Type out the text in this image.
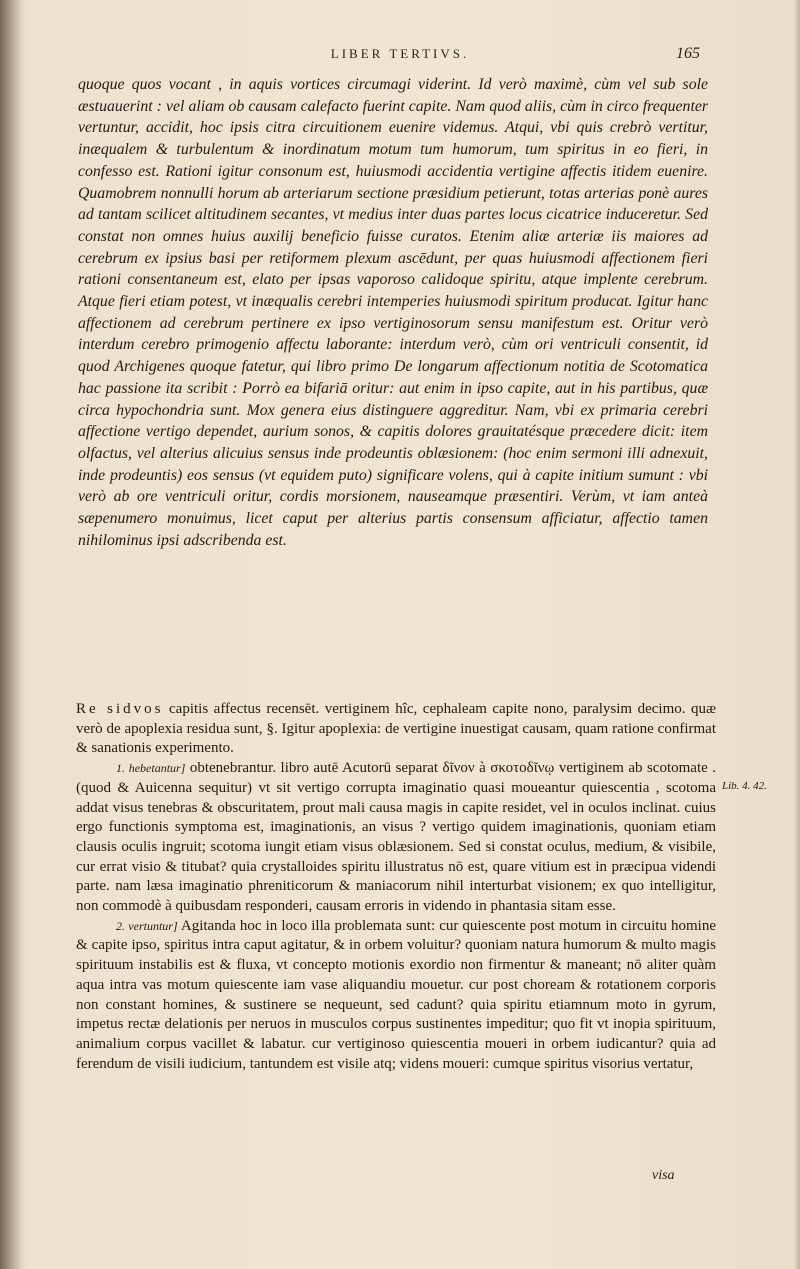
LIBER TERTIVS.	165

quoque quos vocant , in aquis vortices circumagi viderint. Id verò maximè, cùm vel sub sole æstuauerint : vel aliam ob causam calefacto fuerint capite. Nam quod aliis, cùm in circo frequenter vertuntur, accidit, hoc ipsis citra circuitionem euenire videmus. Atqui, vbi quis crebrò vertitur, inæqualem & turbulentum & inordinatum motum tum humorum, tum spiritus in eo fieri, in confesso est. Rationi igitur consonum est, huiusmodi accidentia vertigine affectis itidem euenire. Quamobrem nonnulli horum ab arteriarum sectione præsidium petierunt, totas arterias ponè aures ad tantam scilicet altitudinem secantes, vt medius inter duas partes locus cicatrice induceretur. Sed constat non omnes huius auxilij beneficio fuisse curatos. Etenim aliæ arteriæ iis maiores ad cerebrum ex ipsius basi per retiformem plexum ascēdunt, per quas huiusmodi affectionem fieri rationi consentaneum est, elato per ipsas vaporoso calidoque spiritu, atque implente cerebrum. Atque fieri etiam potest, vt inæqualis cerebri intemperies huiusmodi spiritum producat. Igitur hanc affectionem ad cerebrum pertinere ex ipso vertiginosorum sensu manifestum est. Oritur verò interdum cerebro primogenio affectu laborante: interdum verò, cùm ori ventriculi consentit, id quod Archigenes quoque fatetur, qui libro primo De longarum affectionum notitia de Scotomatica hac passione ita scribit : Porrò ea bifariā oritur: aut enim in ipso capite, aut in his partibus, quæ circa hypochondria sunt. Mox genera eius distinguere aggreditur. Nam, vbi ex primaria cerebri affectione vertigo dependet, aurium sonos, & capitis dolores grauitatésque præcedere dicit: item olfactus, vel alterius alicuius sensus inde prodeuntis oblæsionem: (hoc enim sermoni illi adnexuit, inde prodeuntis) eos sensus (vt equidem puto) significare volens, qui à capite initium sumunt : vbi verò ab ore ventriculi oritur, cordis morsionem, nauseamque præsentiri. Verùm, vt iam anteà sæpenumero monuimus, licet caput per alterius partis consensum afficiatur, affectio tamen nihilominus ipsi adscribenda est.

Re sidvos capitis affectus recensēt. vertiginem hîc, cephaleam capite nono, paralysim decimo. quæ verò de apoplexia residua sunt, §. Igitur apoplexia: de vertigine inuestigat causam, quam ratione confirmat & sanationis experimento.

1. hebetantur] obtenebrantur. libro autē Acutorū separat δῖνον à σκοτοδῖνῳ vertiginem ab scotomate . (quod & Auicenna sequitur) vt sit vertigo corrupta imaginatio quasi moueantur quiescentia , scotoma addat visus tenebras & obscuritatem, prout mali causa magis in capite residet, vel in oculos inclinat. cuius ergo functionis symptoma est, imaginationis, an visus ? vertigo quidem imaginationis, quoniam etiam clausis oculis ingruit; scotoma iungit etiam visus oblæsionem. Sed si constat oculus, medium, & visibile, cur errat visio & titubat? quia crystalloides spiritu illustratus nō est, quare vitium est in præcipua videndi parte. nam læsa imaginatio phreniticorum & maniacorum nihil interturbat visionem; ex quo intelligitur, non commodè à quibusdam responderi, causam erroris in videndo in phantasia sitam esse.

2. vertuntur] Agitanda hoc in loco illa problemata sunt: cur quiescente post motum in circuitu homine & capite ipso, spiritus intra caput agitatur, & in orbem voluitur? quoniam natura humorum & multo magis spirituum instabilis est & fluxa, vt concepto motionis exordio non firmentur & maneant; nō aliter quàm aqua intra vas motum quiescente iam vase aliquandiu mouetur. cur post choream & rotationem corporis non constant homines, & sustinere se nequeunt, sed cadunt? quia spiritu etiamnum moto in gyrum, impetus rectæ delationis per neruos in musculos corpus sustinentes impeditur; quo fit vt inopia spirituum, animalium corpus vacillet & labatur. cur vertiginoso quiescentia moueri in orbem iudicantur? quia ad ferendum de visili iudicium, tantundem est visile atq; videns moueri: cumque spiritus visorius vertatur,

Lib. 4. 42.
visa
